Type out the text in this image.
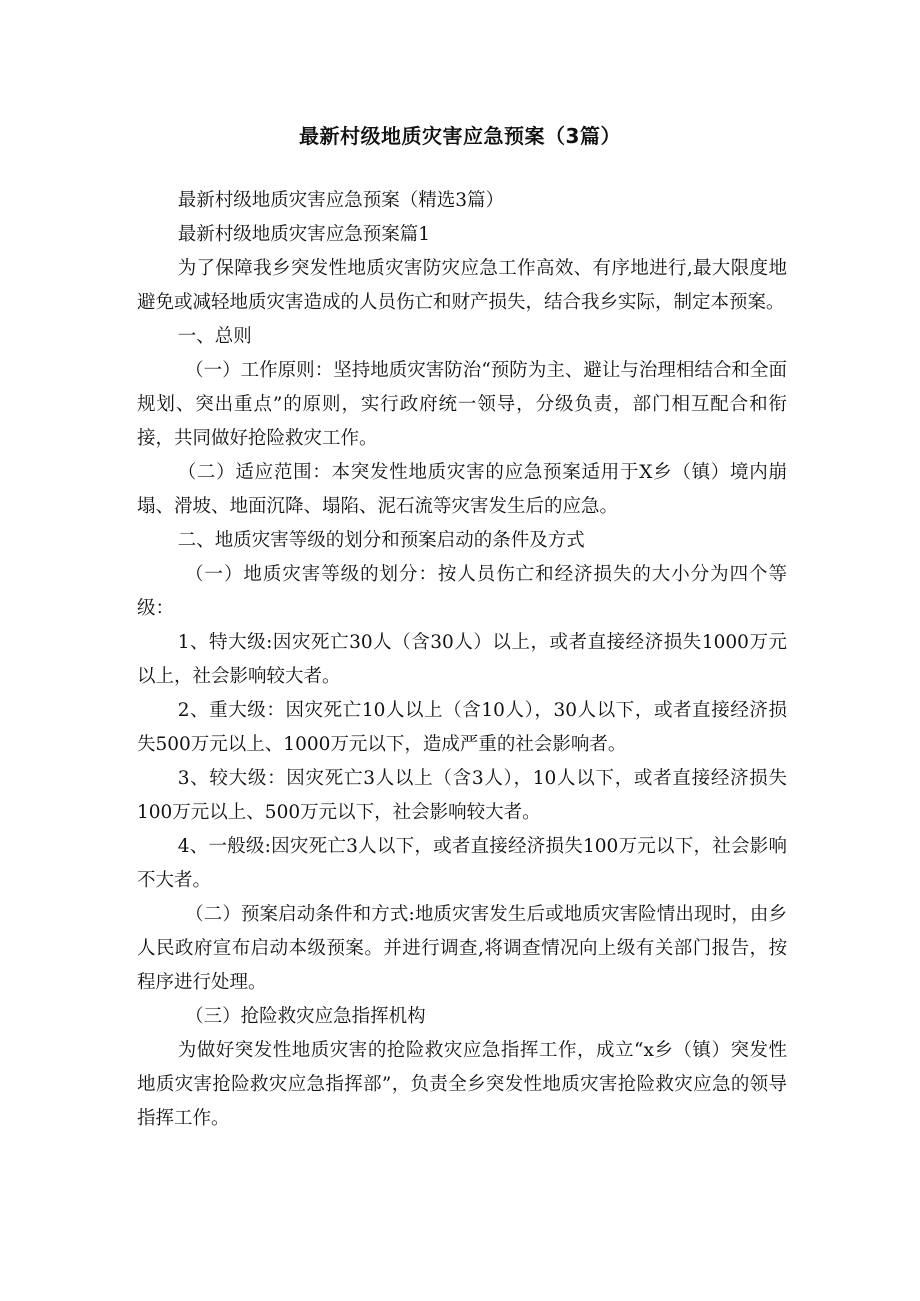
最新村级地质灾害应急预案（3篇）

最新村级地质灾害应急预案（精选3篇）

最新村级地质灾害应急预案篇1

为了保障我乡突发性地质灾害防灾应急工作高效、有序地进行,最大限度地避免或减轻地质灾害造成的人员伤亡和财产损失，结合我乡实际，制定本预案。

一、总则

（一）工作原则：坚持地质灾害防治“预防为主、避让与治理相结合和全面规划、突出重点”的原则，实行政府统一领导，分级负责，部门相互配合和衔接，共同做好抢险救灾工作。

（二）适应范围：本突发性地质灾害的应急预案适用于X乡（镇）境内崩塌、滑坡、地面沉降、塌陷、泥石流等灾害发生后的应急。

二、地质灾害等级的划分和预案启动的条件及方式

（一）地质灾害等级的划分：按人员伤亡和经济损失的大小分为四个等级：

1、特大级:因灾死亡30人（含30人）以上，或者直接经济损失1000万元以上，社会影响较大者。

2、重大级：因灾死亡10人以上（含10人），30人以下，或者直接经济损失500万元以上、1000万元以下，造成严重的社会影响者。

3、较大级：因灾死亡3人以上（含3人），10人以下，或者直接经济损失100万元以上、500万元以下，社会影响较大者。

4、一般级:因灾死亡3人以下，或者直接经济损失100万元以下，社会影响不大者。

（二）预案启动条件和方式:地质灾害发生后或地质灾害险情出现时，由乡人民政府宣布启动本级预案。并进行调查,将调查情况向上级有关部门报告，按程序进行处理。

（三）抢险救灾应急指挥机构

为做好突发性地质灾害的抢险救灾应急指挥工作，成立“x乡（镇）突发性地质灾害抢险救灾应急指挥部”，负责全乡突发性地质灾害抢险救灾应急的领导指挥工作。
